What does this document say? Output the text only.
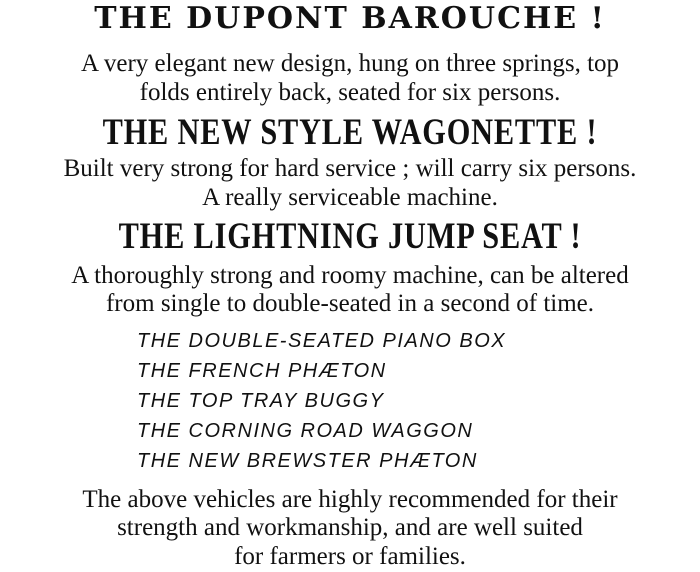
THE DUPONT BAROUCHE !

A very elegant new design, hung on three springs, top

folds entirely back, seated for six persons.

THE NEW STYLE WAGONETTE !

Built very strong for hard service ; will carry six persons.

A really serviceable machine.

THE LIGHTNING JUMP SEAT !

A thoroughly strong and roomy machine, can be altered

from single to double-seated in a second of time.

THE DOUBLE-SEATED PIANO BOX
THE FRENCH PHÆTON
THE TOP TRAY BUGGY
THE CORNING ROAD WAGGON
THE NEW BREWSTER PHÆTON

The above vehicles are highly recommended for their

strength and workmanship, and are well suited

for farmers or families.
